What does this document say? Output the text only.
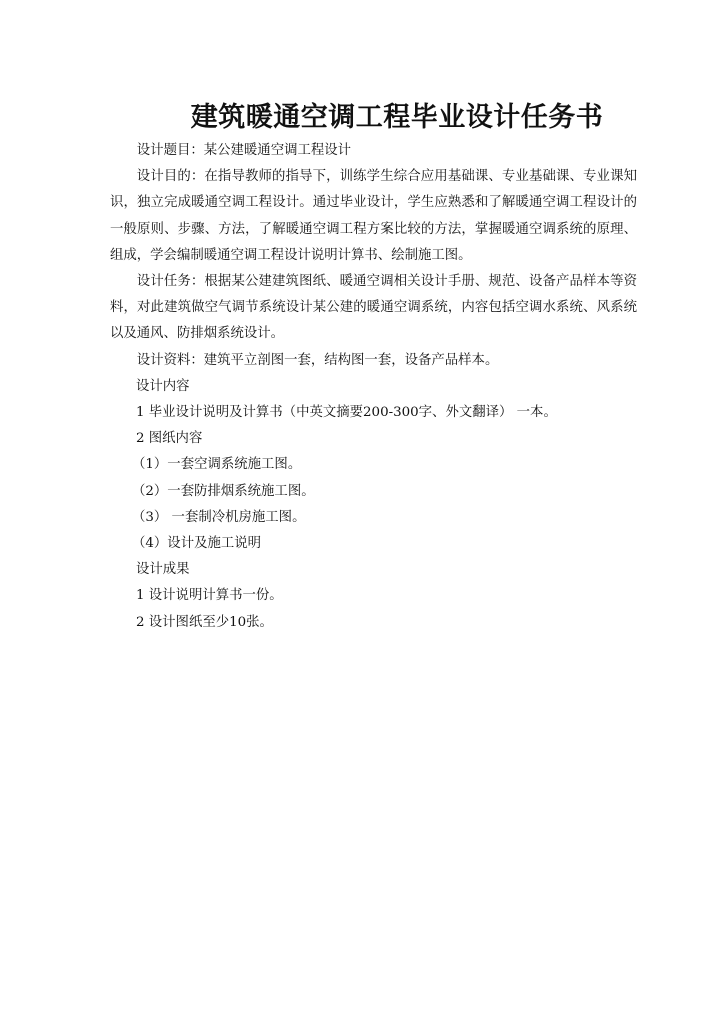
建筑暖通空调工程毕业设计任务书

设计题目：某公建暖通空调工程设计

设计目的：在指导教师的指导下，训练学生综合应用基础课、专业基础课、专业课知识，独立完成暖通空调工程设计。通过毕业设计，学生应熟悉和了解暖通空调工程设计的一般原则、步骤、方法，了解暖通空调工程方案比较的方法，掌握暖通空调系统的原理、组成，学会编制暖通空调工程设计说明计算书、绘制施工图。

设计任务：根据某公建建筑图纸、暖通空调相关设计手册、规范、设备产品样本等资料，对此建筑做空气调节系统设计某公建的暖通空调系统，内容包括空调水系统、风系统以及通风、防排烟系统设计。

设计资料：建筑平立剖图一套，结构图一套，设备产品样本。

设计内容

1 毕业设计说明及计算书（中英文摘要200-300字、外文翻译） 一本。

2 图纸内容

（1）一套空调系统施工图。

（2）一套防排烟系统施工图。

（3） 一套制冷机房施工图。

（4）设计及施工说明

设计成果

1 设计说明计算书一份。

2 设计图纸至少10张。
